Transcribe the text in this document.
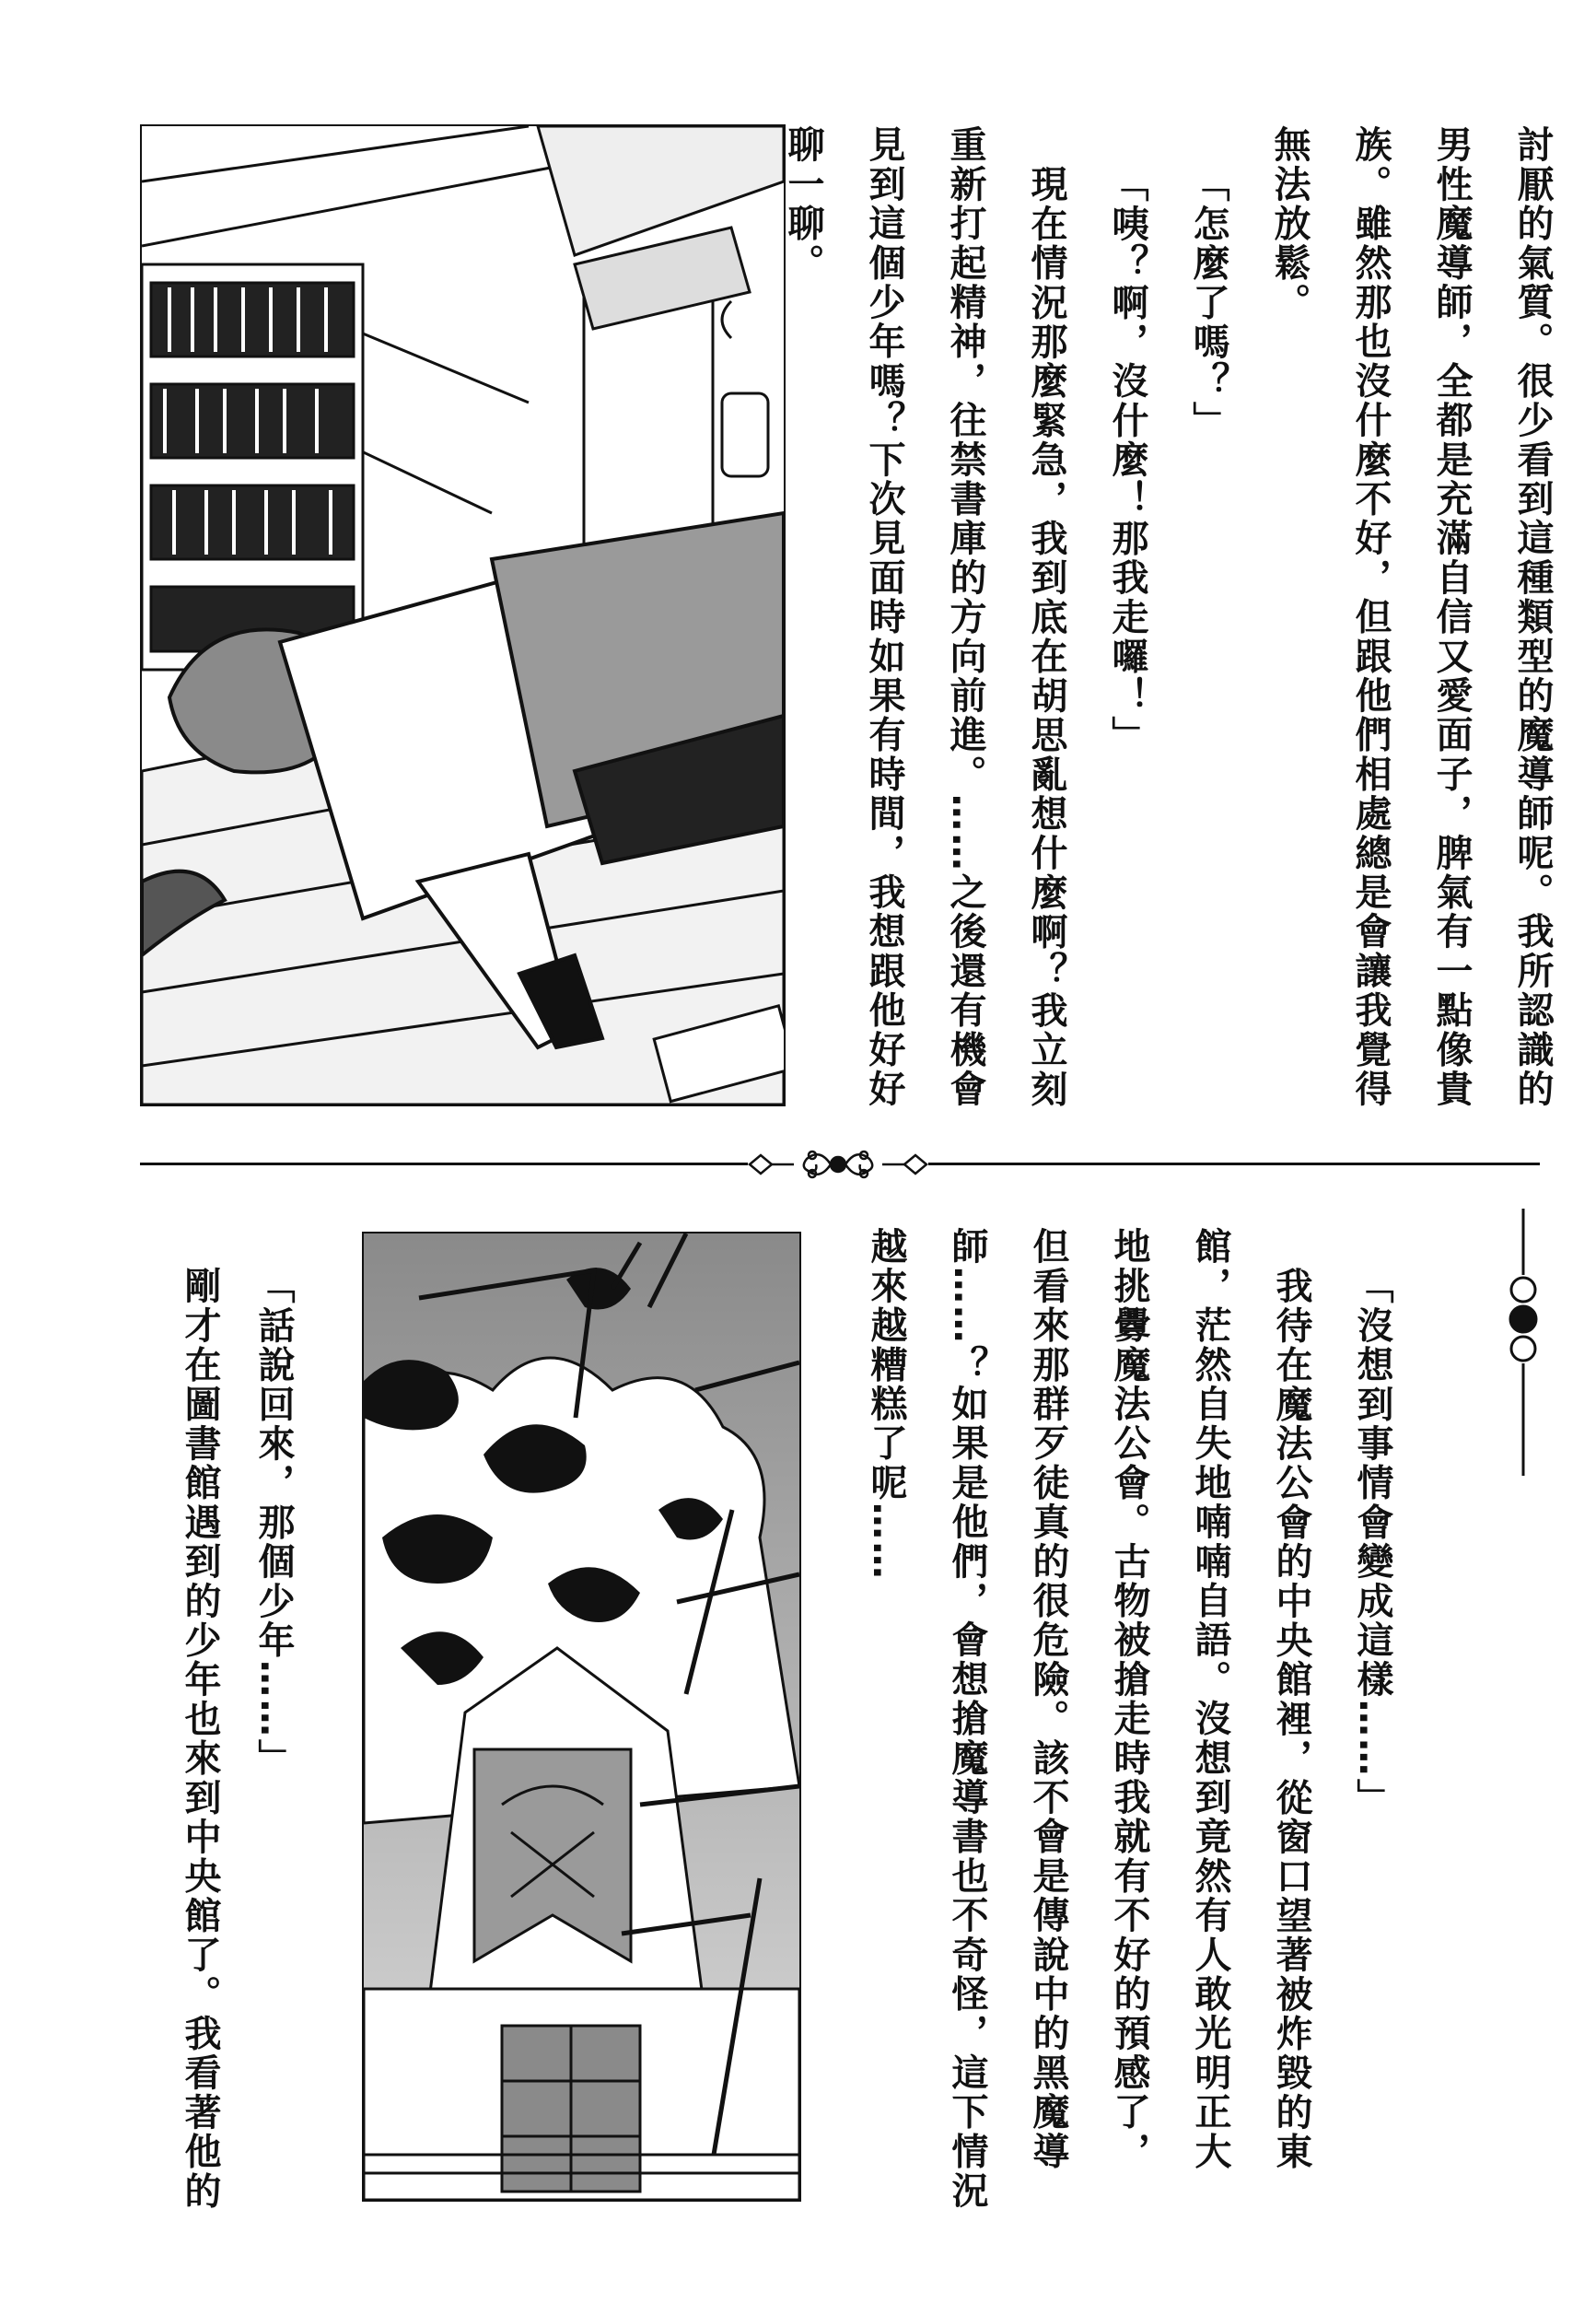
討厭的氣質。很少看到這種類型的魔導師呢。我所認識的
男性魔導師，全都是充滿自信又愛面子，脾氣有一點像貴
族。雖然那也沒什麼不好，但跟他們相處總是會讓我覺得
無法放鬆。
「怎麼了嗎？」
「咦？啊，沒什麼！那我走囉！」
現在情況那麼緊急，我到底在胡思亂想什麼啊？我立刻
重新打起精神，往禁書庫的方向前進。……之後還有機會
見到這個少年嗎？下次見面時如果有時間，我想跟他好好
聊一聊。
「沒想到事情會變成這樣……」
我待在魔法公會的中央館裡，從窗口望著被炸毀的東
館，茫然自失地喃喃自語。沒想到竟然有人敢光明正大
地挑釁魔法公會。古物被搶走時我就有不好的預感了，
但看來那群歹徒真的很危險。該不會是傳說中的黑魔導
師……？如果是他們，會想搶魔導書也不奇怪，這下情況
越來越糟糕了呢……
「話說回來，那個少年……」
剛才在圖書館遇到的少年也來到中央館了。我看著他的
